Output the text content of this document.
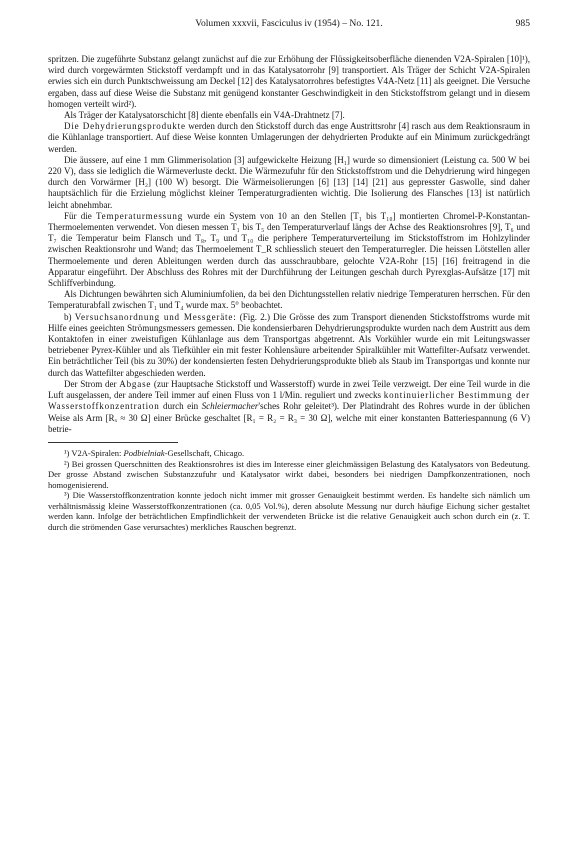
Volumen xxxvii, Fasciculus iv (1954) – No. 121.	985

spritzen. Die zugeführte Substanz gelangt zunächst auf die zur Erhöhung der Flüssigkeitsoberfläche dienenden V2A-Spiralen [10]¹), wird durch vorgewärmten Stickstoff verdampft und in das Katalysatorrohr [9] transportiert. Als Träger der Schicht V2A-Spiralen erwies sich ein durch Punktschweissung am Deckel [12] des Katalysatorrohres befestigtes V4A-Netz [11] als geeignet. Die Versuche ergaben, dass auf diese Weise die Substanz mit genügend konstanter Geschwindigkeit in den Stickstoffstrom gelangt und in diesem homogen verteilt wird²).

Als Träger der Katalysatorschicht [8] diente ebenfalls ein V4A-Drahtnetz [7].

Die Dehydrierungsprodukte werden durch den Stickstoff durch das enge Austrittsrohr [4] rasch aus dem Reaktionsraum in die Kühlanlage transportiert. Auf diese Weise konnten Umlagerungen der dehydrierten Produkte auf ein Minimum zurückgedrängt werden.

Die äussere, auf eine 1 mm Glimmerisolation [3] aufgewickelte Heizung [H₁] wurde so dimensioniert (Leistung ca. 500 W bei 220 V), dass sie lediglich die Wärmeverluste deckt. Die Wärmezufuhr für den Stickstoffstrom und die Dehydrierung wird hingegen durch den Vorwärmer [H₂] (100 W) besorgt. Die Wärmeisolierungen [6] [13] [14] [21] aus gepresster Gaswolle, sind daher hauptsächlich für die Erzielung möglichst kleiner Temperaturgradienten wichtig. Die Isolierung des Flansches [13] ist natürlich leicht abnehmbar.

Für die Temperaturmessung wurde ein System von 10 an den Stellen [T₁ bis T₁₀] montierten Chromel-P-Konstantan-Thermoelementen verwendet. Von diesen messen T₁ bis T₅ den Temperaturverlauf längs der Achse des Reaktionsrohres [9], T₆ und T₇ die Temperatur beim Flansch und T₈, T₉ und T₁₀ die periphere Temperaturverteilung im Stickstoffstrom im Hohlzylinder zwischen Reaktionsrohr und Wand; das Thermoelement T_R schliesslich steuert den Temperaturregler. Die heissen Lötstellen aller Thermoelemente und deren Ableitungen werden durch das ausschraubbare, gelochte V2A-Rohr [15] [16] freitragend in die Apparatur eingeführt. Der Abschluss des Rohres mit der Durchführung der Leitungen geschah durch Pyrexglas-Aufsätze [17] mit Schliffverbindung.

Als Dichtungen bewährten sich Aluminiumfolien, da bei den Dichtungsstellen relativ niedrige Temperaturen herrschen. Für den Temperaturabfall zwischen T₁ und T₄ wurde max. 5° beobachtet.

b) Versuchsanordnung und Messgeräte: (Fig. 2.) Die Grösse des zum Transport dienenden Stickstoffstroms wurde mit Hilfe eines geeichten Strömungsmessers gemessen. Die kondensierbaren Dehydrierungsprodukte wurden nach dem Austritt aus dem Kontaktofen in einer zweistufigen Kühlanlage aus dem Transportgas abgetrennt. Als Vorkühler wurde ein mit Leitungswasser betriebener Pyrex-Kühler und als Tiefkühler ein mit fester Kohlensäure arbeitender Spiralkühler mit Wattefilter-Aufsatz verwendet. Ein beträchtlicher Teil (bis zu 30%) der kondensierten festen Dehydrierungsprodukte blieb als Staub im Transportgas und konnte nur durch das Wattefilter abgeschieden werden.

Der Strom der Abgase (zur Hauptsache Stickstoff und Wasserstoff) wurde in zwei Teile verzweigt. Der eine Teil wurde in die Luft ausgelassen, der andere Teil immer auf einen Fluss von 1 l/Min. reguliert und zwecks kontinuierlicher Bestimmung der Wasserstoffkonzentration durch ein Schleiermacher'sches Rohr geleitet³). Der Platindraht des Rohres wurde in der üblichen Weise als Arm [Rₓ ≈ 30 Ω] einer Brücke geschaltet [R₁ = R₂ = R₃ = 30 Ω], welche mit einer konstanten Batteriespannung (6 V) betrie-

¹) V2A-Spiralen: Podbielniak-Gesellschaft, Chicago.

²) Bei grossen Querschnitten des Reaktionsrohres ist dies im Interesse einer gleichmässigen Belastung des Katalysators von Bedeutung. Der grosse Abstand zwischen Substanzzufuhr und Katalysator wirkt dabei, besonders bei niedrigen Dampfkonzentrationen, noch homogenisierend.

³) Die Wasserstoffkonzentration konnte jedoch nicht immer mit grosser Genauigkeit bestimmt werden. Es handelte sich nämlich um verhältnismässig kleine Wasserstoffkonzentrationen (ca. 0,05 Vol.%), deren absolute Messung nur durch häufige Eichung sicher gestaltet werden kann. Infolge der beträchtlichen Empfindlichkeit der verwendeten Brücke ist die relative Genauigkeit auch schon durch ein (z. T. durch die strömenden Gase verursachtes) merkliches Rauschen begrenzt.
